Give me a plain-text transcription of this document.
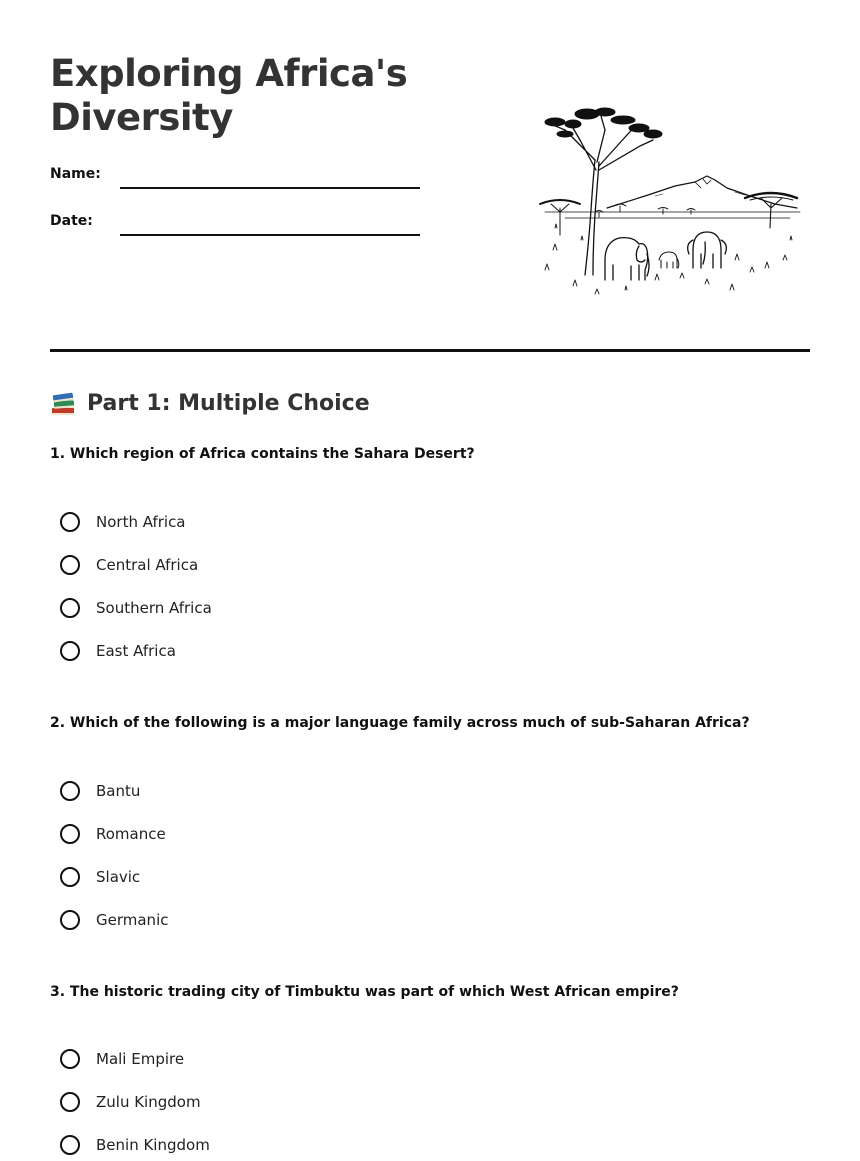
Exploring Africa's Diversity
Name:
Date:
Part 1: Multiple Choice

1. Which region of Africa contains the Sahara Desert?

North Africa
Central Africa
Southern Africa
East Africa

2. Which of the following is a major language family across much of sub-Saharan Africa?

Bantu
Romance
Slavic
Germanic

3. The historic trading city of Timbuktu was part of which West African empire?

Mali Empire
Zulu Kingdom
Benin Kingdom
